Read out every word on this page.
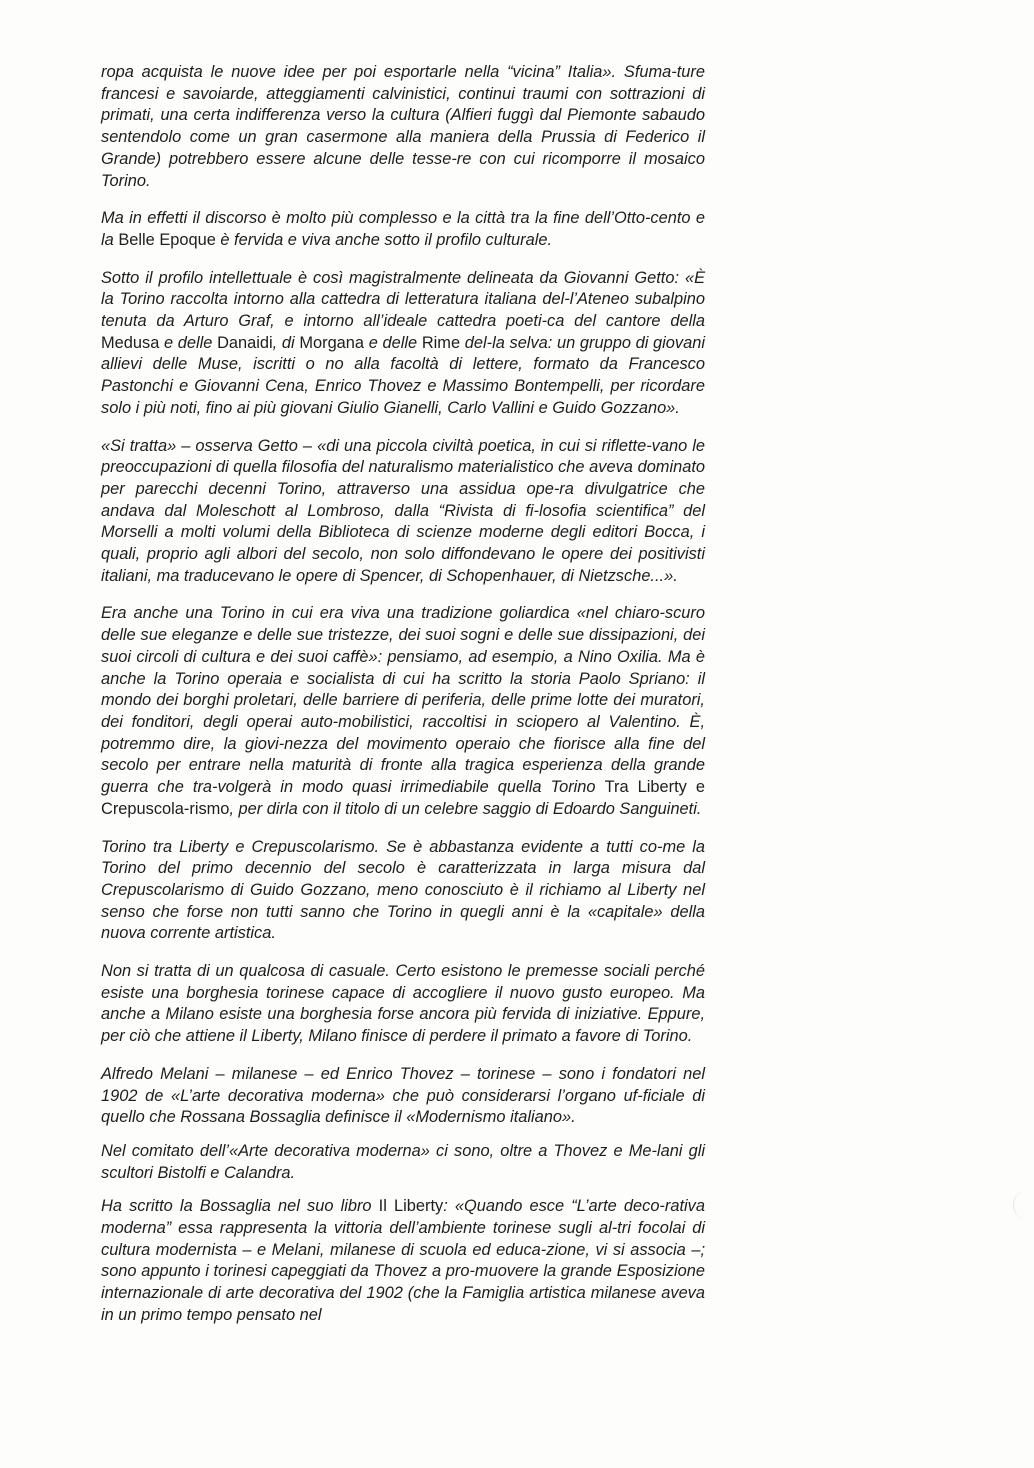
ropa acquista le nuove idee per poi esportarle nella “vicina” Italia». Sfuma-ture francesi e savoiarde, atteggiamenti calvinistici, continui traumi con sottrazioni di primati, una certa indifferenza verso la cultura (Alfieri fuggì dal Piemonte sabaudo sentendolo come un gran casermone alla maniera della Prussia di Federico il Grande) potrebbero essere alcune delle tesse-re con cui ricomporre il mosaico Torino.

Ma in effetti il discorso è molto più complesso e la città tra la fine dell’Otto-cento e la Belle Epoque è fervida e viva anche sotto il profilo culturale.

Sotto il profilo intellettuale è così magistralmente delineata da Giovanni Getto: «È la Torino raccolta intorno alla cattedra di letteratura italiana del-l’Ateneo subalpino tenuta da Arturo Graf, e intorno all’ideale cattedra poeti-ca del cantore della Medusa e delle Danaidi, di Morgana e delle Rime del-la selva: un gruppo di giovani allievi delle Muse, iscritti o no alla facoltà di lettere, formato da Francesco Pastonchi e Giovanni Cena, Enrico Thovez e Massimo Bontempelli, per ricordare solo i più noti, fino ai più giovani Giulio Gianelli, Carlo Vallini e Guido Gozzano».

«Si tratta» – osserva Getto – «di una piccola civiltà poetica, in cui si riflette-vano le preoccupazioni di quella filosofia del naturalismo materialistico che aveva dominato per parecchi decenni Torino, attraverso una assidua ope-ra divulgatrice che andava dal Moleschott al Lombroso, dalla “Rivista di fi-losofia scientifica” del Morselli a molti volumi della Biblioteca di scienze moderne degli editori Bocca, i quali, proprio agli albori del secolo, non solo diffondevano le opere dei positivisti italiani, ma traducevano le opere di Spencer, di Schopenhauer, di Nietzsche...».

Era anche una Torino in cui era viva una tradizione goliardica «nel chiaro-scuro delle sue eleganze e delle sue tristezze, dei suoi sogni e delle sue dissipazioni, dei suoi circoli di cultura e dei suoi caffè»: pensiamo, ad esempio, a Nino Oxilia. Ma è anche la Torino operaia e socialista di cui ha scritto la storia Paolo Spriano: il mondo dei borghi proletari, delle barriere di periferia, delle prime lotte dei muratori, dei fonditori, degli operai auto-mobilistici, raccoltisi in sciopero al Valentino. È, potremmo dire, la giovi-nezza del movimento operaio che fiorisce alla fine del secolo per entrare nella maturità di fronte alla tragica esperienza della grande guerra che tra-volgerà in modo quasi irrimediabile quella Torino Tra Liberty e Crepuscola-rismo, per dirla con il titolo di un celebre saggio di Edoardo Sanguineti.

Torino tra Liberty e Crepuscolarismo. Se è abbastanza evidente a tutti co-me la Torino del primo decennio del secolo è caratterizzata in larga misura dal Crepuscolarismo di Guido Gozzano, meno conosciuto è il richiamo al Liberty nel senso che forse non tutti sanno che Torino in quegli anni è la «capitale» della nuova corrente artistica.

Non si tratta di un qualcosa di casuale. Certo esistono le premesse sociali perché esiste una borghesia torinese capace di accogliere il nuovo gusto europeo. Ma anche a Milano esiste una borghesia forse ancora più fervida di iniziative. Eppure, per ciò che attiene il Liberty, Milano finisce di perdere il primato a favore di Torino.

Alfredo Melani – milanese – ed Enrico Thovez – torinese – sono i fondatori nel 1902 de «L’arte decorativa moderna» che può considerarsi l’organo uf-ficiale di quello che Rossana Bossaglia definisce il «Modernismo italiano».

Nel comitato dell’«Arte decorativa moderna» ci sono, oltre a Thovez e Me-lani gli scultori Bistolfi e Calandra.

Ha scritto la Bossaglia nel suo libro Il Liberty: «Quando esce “L’arte deco-rativa moderna” essa rappresenta la vittoria dell’ambiente torinese sugli al-tri focolai di cultura modernista – e Melani, milanese di scuola ed educa-zione, vi si associa –; sono appunto i torinesi capeggiati da Thovez a pro-muovere la grande Esposizione internazionale di arte decorativa del 1902 (che la Famiglia artistica milanese aveva in un primo tempo pensato nel
